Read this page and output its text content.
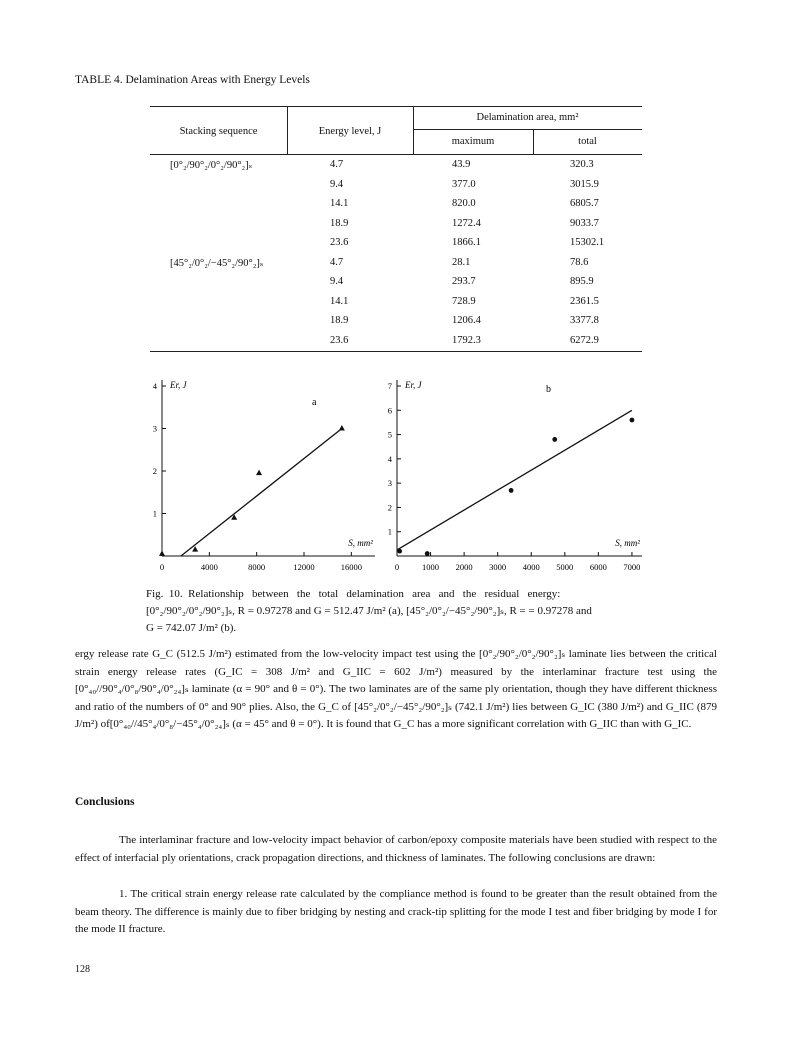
TABLE 4. Delamination Areas with Energy Levels
Stacking sequence	Energy level, J
Delamination area, mm²
maximum	total
[0°₂/90°₂/0°₂/90°₂]ₛ	4.7	43.9	320.3
9.4	377.0	3015.9
14.1	820.0	6805.7
18.9	1272.4	9033.7
23.6	1866.1	15302.1
[45°₂/0°₂/−45°₂/90°₂]ₛ	4.7	28.1	78.6
9.4	293.7	895.9
14.1	728.9	2361.5
18.9	1206.4	3377.8
23.6	1792.3	6272.9
0	4000	8000	12000	16000
1
2
3
4 Er, J
S, mm²
a
0	1000 2000 3000 4000 5000 6000 7000
1
2
3
4
5
6
7 Er, J
S, mm²
b
Fig.  10.  Relationship   between   the   total   delamination   area   and   the   residual   energy:
[0°₂/90°₂/0°₂/90°₂]ₛ, R = 0.97278 and G = 512.47 J/m² (a), [45°₂/0°₂/−45°₂/90°₂]ₛ, R = = 0.97278 and
G = 742.07 J/m² (b).
ergy release rate G_C (512.5 J/m²) estimated from the low-velocity impact test using the [0°₂/90°₂/0°₂/90°₂]ₛ laminate lies between the critical strain energy release rates (G_IC = 308 J/m² and G_IIC = 602 J/m²) measured by the interlaminar fracture test using the [0°₄₀//90°₄/0°₈/90°₄/0°₂₄]ₛ laminate (α = 90° and θ = 0°). The two laminates are of the same ply orientation, though they have different thickness and ratio of the numbers of 0° and 90° plies. Also, the G_C of [45°₂/0°₂/−45°₂/90°₂]ₛ (742.1 J/m²) lies between G_IC (380 J/m²) and G_IIC (879 J/m²) of[0°₄₀//45°₄/0°₈/−45°₄/0°₂₄]ₛ (α = 45° and θ = 0°). It is found that G_C has a more significant correlation with G_IIC than with G_IC.
Conclusions
The interlaminar fracture and low-velocity impact behavior of carbon/epoxy composite materials have been studied with respect to the effect of interfacial ply orientations, crack propagation directions, and thickness of laminates. The following conclusions are drawn:
1. The critical strain energy release rate calculated by the compliance method is found to be greater than the result obtained from the beam theory. The difference is mainly due to fiber bridging by nesting and crack-tip splitting for the mode I test and fiber bridging by mode I for the mode II fracture.
128
